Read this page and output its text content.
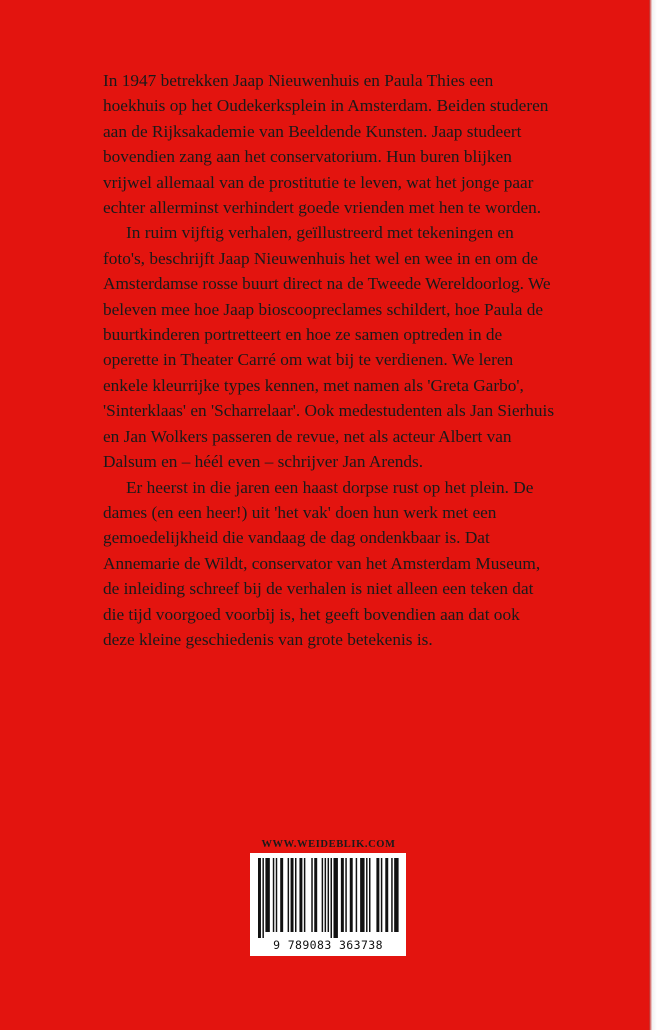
In 1947 betrekken Jaap Nieuwenhuis en Paula Thies een hoekhuis op het Oudekerksplein in Amsterdam. Beiden studeren aan de Rijksakademie van Beeldende Kunsten. Jaap studeert bovendien zang aan het conservatorium. Hun buren blijken vrijwel allemaal van de prostitutie te leven, wat het jonge paar echter allerminst verhindert goede vrienden met hen te worden.

In ruim vijftig verhalen, geïllustreerd met tekeningen en foto's, beschrijft Jaap Nieuwenhuis het wel en wee in en om de Amsterdamse rosse buurt direct na de Tweede Wereldoorlog. We beleven mee hoe Jaap bioscoopreclames schildert, hoe Paula de buurtkinderen portretteert en hoe ze samen optreden in de operette in Theater Carré om wat bij te verdienen. We leren enkele kleurrijke types kennen, met namen als 'Greta Garbo', 'Sinterklaas' en 'Scharrelaar'. Ook medestudenten als Jan Sierhuis en Jan Wolkers passeren de revue, net als acteur Albert van Dalsum en – héél even – schrijver Jan Arends.

Er heerst in die jaren een haast dorpse rust op het plein. De dames (en een heer!) uit 'het vak' doen hun werk met een gemoedelijkheid die vandaag de dag ondenkbaar is. Dat Annemarie de Wildt, conservator van het Amsterdam Museum, de inleiding schreef bij de verhalen is niet alleen een teken dat die tijd voorgoed voorbij is, het geeft bovendien aan dat ook deze kleine geschiedenis van grote betekenis is.

WWW.WEIDEBLIK.COM
9 789083 363738
